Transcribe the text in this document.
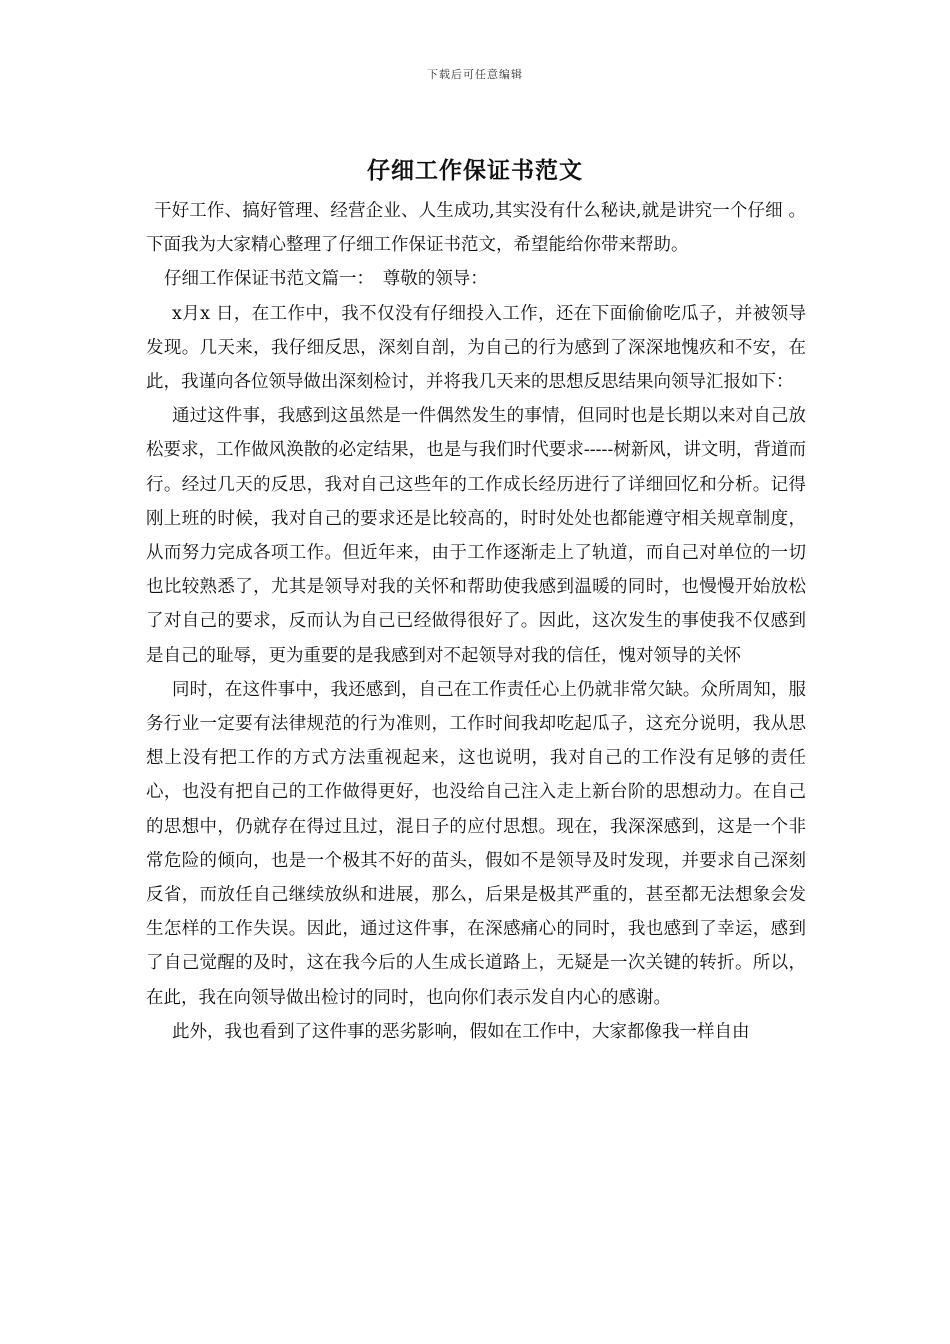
下载后可任意编辑
仔细工作保证书范文

干好工作、搞好管理、经营企业、人生成功,其实没有什么秘诀,就是讲究一个仔细 。下面我为大家精心整理了仔细工作保证书范文，希望能给你带来帮助。

仔细工作保证书范文篇一：　尊敬的领导：

x月x 日，在工作中，我不仅没有仔细投入工作，还在下面偷偷吃瓜子，并被领导发现。几天来，我仔细反思，深刻自剖，为自己的行为感到了深深地愧疚和不安，在此，我谨向各位领导做出深刻检讨，并将我几天来的思想反思结果向领导汇报如下：

通过这件事，我感到这虽然是一件偶然发生的事情，但同时也是长期以来对自己放松要求，工作做风涣散的必定结果，也是与我们时代要求-----树新风，讲文明，背道而行。经过几天的反思，我对自己这些年的工作成长经历进行了详细回忆和分析。记得刚上班的时候，我对自己的要求还是比较高的，时时处处也都能遵守相关规章制度，从而努力完成各项工作。但近年来，由于工作逐渐走上了轨道，而自己对单位的一切也比较熟悉了，尤其是领导对我的关怀和帮助使我感到温暖的同时，也慢慢开始放松了对自己的要求，反而认为自己已经做得很好了。因此，这次发生的事使我不仅感到是自己的耻辱，更为重要的是我感到对不起领导对我的信任，愧对领导的关怀

同时，在这件事中，我还感到，自己在工作责任心上仍就非常欠缺。众所周知，服务行业一定要有法律规范的行为准则，工作时间我却吃起瓜子，这充分说明，我从思想上没有把工作的方式方法重视起来，这也说明，我对自己的工作没有足够的责任心，也没有把自己的工作做得更好，也没给自己注入走上新台阶的思想动力。在自己的思想中，仍就存在得过且过，混日子的应付思想。现在，我深深感到，这是一个非常危险的倾向，也是一个极其不好的苗头，假如不是领导及时发现，并要求自己深刻反省，而放任自己继续放纵和进展，那么，后果是极其严重的，甚至都无法想象会发生怎样的工作失误。因此，通过这件事，在深感痛心的同时，我也感到了幸运，感到了自己觉醒的及时，这在我今后的人生成长道路上，无疑是一次关键的转折。所以，在此，我在向领导做出检讨的同时，也向你们表示发自内心的感谢。

此外，我也看到了这件事的恶劣影响，假如在工作中，大家都像我一样自由
